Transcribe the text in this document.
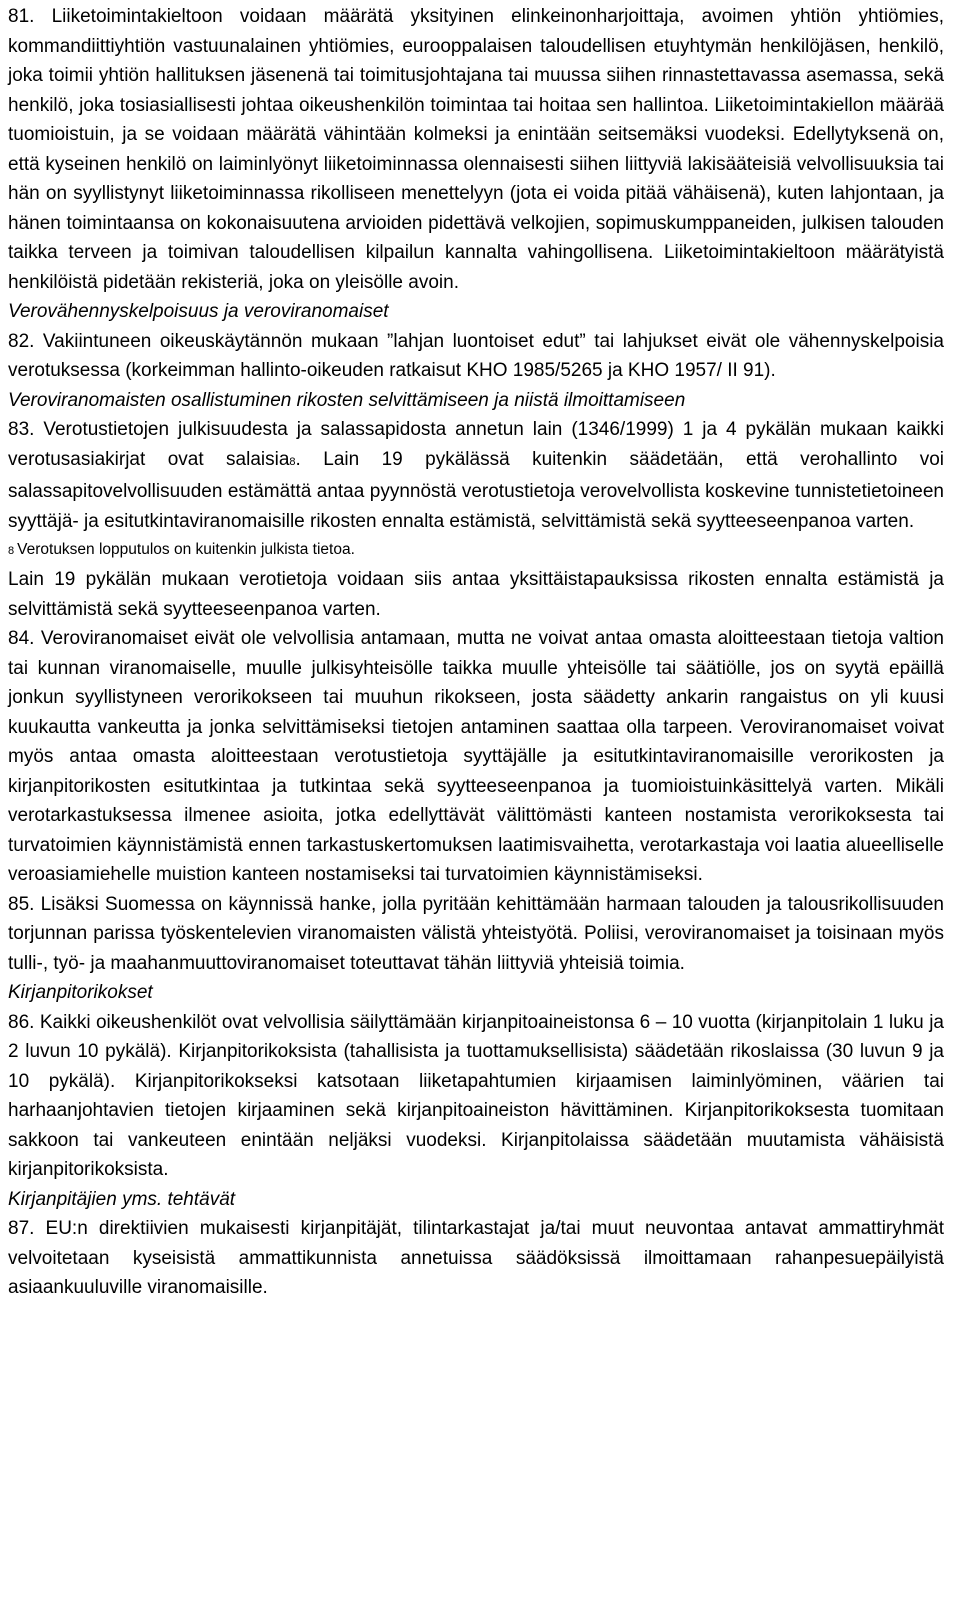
81. Liiketoimintakieltoon voidaan määrätä yksityinen elinkeinonharjoittaja, avoimen yhtiön yhtiömies, kommandiittiyhtiön vastuunalainen yhtiömies, eurooppalaisen taloudellisen etuyhtymän henkilöjäsen, henkilö, joka toimii yhtiön hallituksen jäsenenä tai toimitusjohtajana tai muussa siihen rinnastettavassa asemassa, sekä henkilö, joka tosiasiallisesti johtaa oikeushenkilön toimintaa tai hoitaa sen hallintoa. Liiketoimintakiellon määrää tuomioistuin, ja se voidaan määrätä vähintään kolmeksi ja enintään seitsemäksi vuodeksi. Edellytyksenä on, että kyseinen henkilö on laiminlyönyt liiketoiminnassa olennaisesti siihen liittyviä lakisääteisiä velvollisuuksia tai hän on syyllistynyt liiketoiminnassa rikolliseen menettelyyn (jota ei voida pitää vähäisenä), kuten lahjontaan, ja hänen toimintaansa on kokonaisuutena arvioiden pidettävä velkojien, sopimuskumppaneiden, julkisen talouden taikka terveen ja toimivan taloudellisen kilpailun kannalta vahingollisena. Liiketoimintakieltoon määrätyistä henkilöistä pidetään rekisteriä, joka on yleisölle avoin.

Verovähennyskelpoisuus ja veroviranomaiset

82. Vakiintuneen oikeuskäytännön mukaan ”lahjan luontoiset edut” tai lahjukset eivät ole vähennyskelpoisia verotuksessa (korkeimman hallinto-oikeuden ratkaisut KHO 1985/5265 ja KHO 1957/ II 91).

Veroviranomaisten osallistuminen rikosten selvittämiseen ja niistä ilmoittamiseen

83. Verotustietojen julkisuudesta ja salassapidosta annetun lain (1346/1999) 1 ja 4 pykälän mukaan kaikki verotusasiakirjat ovat salaisia8. Lain 19 pykälässä kuitenkin säädetään, että verohallinto voi salassapitovelvollisuuden estämättä antaa pyynnöstä verotustietoja verovelvollista koskevine tunnistetietoineen syyttäjä- ja esitutkintaviranomaisille rikosten ennalta estämistä, selvittämistä sekä syytteeseenpanoa varten.

8 Verotuksen lopputulos on kuitenkin julkista tietoa.

Lain 19 pykälän mukaan verotietoja voidaan siis antaa yksittäistapauksissa rikosten ennalta estämistä ja selvittämistä sekä syytteeseenpanoa varten.

84. Veroviranomaiset eivät ole velvollisia antamaan, mutta ne voivat antaa omasta aloitteestaan tietoja valtion tai kunnan viranomaiselle, muulle julkisyhteisölle taikka muulle yhteisölle tai säätiölle, jos on syytä epäillä jonkun syyllistyneen verorikokseen tai muuhun rikokseen, josta säädetty ankarin rangaistus on yli kuusi kuukautta vankeutta ja jonka selvittämiseksi tietojen antaminen saattaa olla tarpeen. Veroviranomaiset voivat myös antaa omasta aloitteestaan verotustietoja syyttäjälle ja esitutkintaviranomaisille verorikosten ja kirjanpitorikosten esitutkintaa ja tutkintaa sekä syytteeseenpanoa ja tuomioistuinkäsittelyä varten. Mikäli verotarkastuksessa ilmenee asioita, jotka edellyttävät välittömästi kanteen nostamista verorikoksesta tai turvatoimien käynnistämistä ennen tarkastuskertomuksen laatimisvaihetta, verotarkastaja voi laatia alueelliselle veroasiamiehelle muistion kanteen nostamiseksi tai turvatoimien käynnistämiseksi.

85. Lisäksi Suomessa on käynnissä hanke, jolla pyritään kehittämään harmaan talouden ja talousrikollisuuden torjunnan parissa työskentelevien viranomaisten välistä yhteistyötä. Poliisi, veroviranomaiset ja toisinaan myös tulli-, työ- ja maahanmuuttoviranomaiset toteuttavat tähän liittyviä yhteisiä toimia.

Kirjanpitorikokset

86. Kaikki oikeushenkilöt ovat velvollisia säilyttämään kirjanpitoaineistonsa 6 – 10 vuotta (kirjanpitolain 1 luku ja 2 luvun 10 pykälä). Kirjanpitorikoksista (tahallisista ja tuottamuksellisista) säädetään rikoslaissa (30 luvun 9 ja 10 pykälä). Kirjanpitorikokseksi katsotaan liiketapahtumien kirjaamisen laiminlyöminen, väärien tai harhaanjohtavien tietojen kirjaaminen sekä kirjanpitoaineiston hävittäminen. Kirjanpitorikoksesta tuomitaan sakkoon tai vankeuteen enintään neljäksi vuodeksi. Kirjanpitolaissa säädetään muutamista vähäisistä kirjanpitorikoksista.

Kirjanpitäjien yms. tehtävät

87. EU:n direktiivien mukaisesti kirjanpitäjät, tilintarkastajat ja/tai muut neuvontaa antavat ammattiryhmät velvoitetaan kyseisistä ammattikunnista annetuissa säädöksissä ilmoittamaan rahanpesuepäilyistä asiaankuuluville viranomaisille.
